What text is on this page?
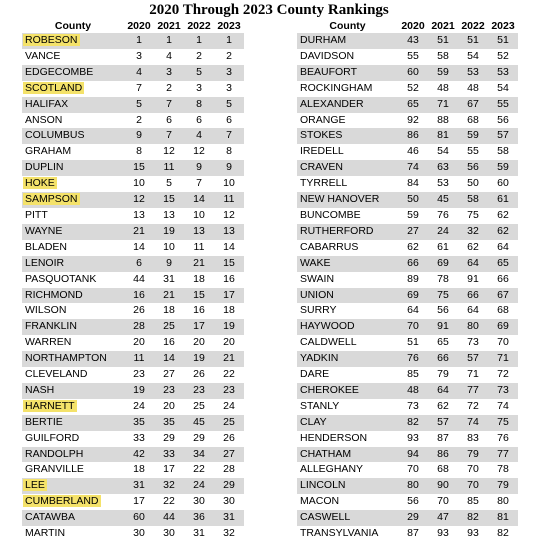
2020 Through 2023 County Rankings
County	2020	2021	2022	2023
ROBESON	1	1	1	1
VANCE	3	4	2	2
EDGECOMBE	4	3	5	3
SCOTLAND	7	2	3	3
HALIFAX	5	7	8	5
ANSON	2	6	6	6
COLUMBUS	9	7	4	7
GRAHAM	8	12	12	8
DUPLIN	15	11	9	9
HOKE	10	5	7	10
SAMPSON	12	15	14	11
PITT	13	13	10	12
WAYNE	21	19	13	13
BLADEN	14	10	11	14
LENOIR	6	9	21	15
PASQUOTANK	44	31	18	16
RICHMOND	16	21	15	17
WILSON	26	18	16	18
FRANKLIN	28	25	17	19
WARREN	20	16	20	20
NORTHAMPTON	11	14	19	21
CLEVELAND	23	27	26	22
NASH	19	23	23	23
HARNETT	24	20	25	24
BERTIE	35	35	45	25
GUILFORD	33	29	29	26
RANDOLPH	42	33	34	27
GRANVILLE	18	17	22	28
LEE	31	32	24	29
CUMBERLAND	17	22	30	30
CATAWBA	60	44	36	31
MARTIN	30	30	31	32
County	2020	2021	2022	2023
DURHAM	43	51	51	51
DAVIDSON	55	58	54	52
BEAUFORT	60	59	53	53
ROCKINGHAM	52	48	48	54
ALEXANDER	65	71	67	55
ORANGE	92	88	68	56
STOKES	86	81	59	57
IREDELL	46	54	55	58
CRAVEN	74	63	56	59
TYRRELL	84	53	50	60
NEW HANOVER	50	45	58	61
BUNCOMBE	59	76	75	62
RUTHERFORD	27	24	32	62
CABARRUS	62	61	62	64
WAKE	66	69	64	65
SWAIN	89	78	91	66
UNION	69	75	66	67
SURRY	64	56	64	68
HAYWOOD	70	91	80	69
CALDWELL	51	65	73	70
YADKIN	76	66	57	71
DARE	85	79	71	72
CHEROKEE	48	64	77	73
STANLY	73	62	72	74
CLAY	82	57	74	75
HENDERSON	93	87	83	76
CHATHAM	94	86	79	77
ALLEGHANY	70	68	70	78
LINCOLN	80	90	70	79
MACON	56	70	85	80
CASWELL	29	47	82	81
TRANSYLVANIA	87	93	93	82
